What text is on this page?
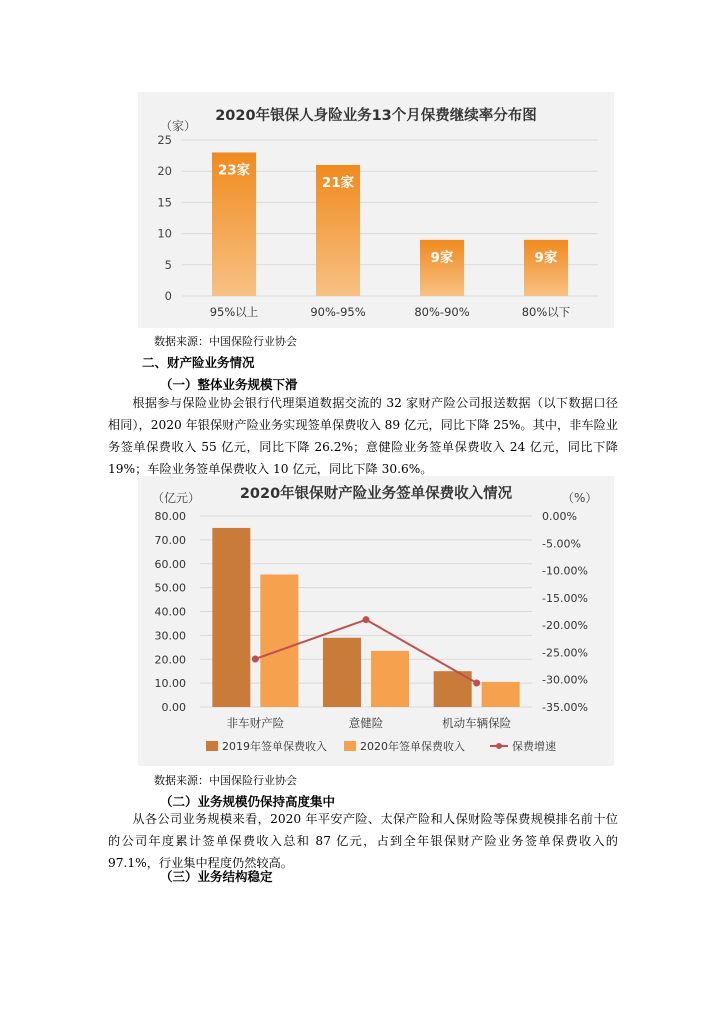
2020年银保人身险业务13个月保费继续率分布图
（家）
0
5
10
15
20
25
23家
95%以上
21家
90%-95%
9家
80%-90%
9家
80%以下
数据来源：中国保险行业协会
二、财产险业务情况
（一）整体业务规模下滑
根据参与保险业协会银行代理渠道数据交流的 32 家财产险公司报送数据（以下数据口径相同），2020 年银保财产险业务实现签单保费收入 89 亿元，同比下降 25%。其中，非车险业务签单保费收入 55 亿元，同比下降 26.2%；意健险业务签单保费收入 24 亿元，同比下降 19%；车险业务签单保费收入 10 亿元，同比下降 30.6%。
2020年银保财产险业务签单保费收入情况
（亿元）	（%）
0.00
10.00
20.00
30.00
40.00
50.00
60.00
70.00
80.00	0.00%
-5.00%
-10.00%
-15.00%
-20.00%
-25.00%
-30.00%
-35.00%
非车财产险	意健险	机动车辆保险
2019年签单保费收入	2020年签单保费收入	保费增速
数据来源：中国保险行业协会
（二）业务规模仍保持高度集中
从各公司业务规模来看，2020 年平安产险、太保产险和人保财险等保费规模排名前十位的公司年度累计签单保费收入总和 87 亿元，占到全年银保财产险业务签单保费收入的 97.1%，行业集中程度仍然较高。
（三）业务结构稳定
